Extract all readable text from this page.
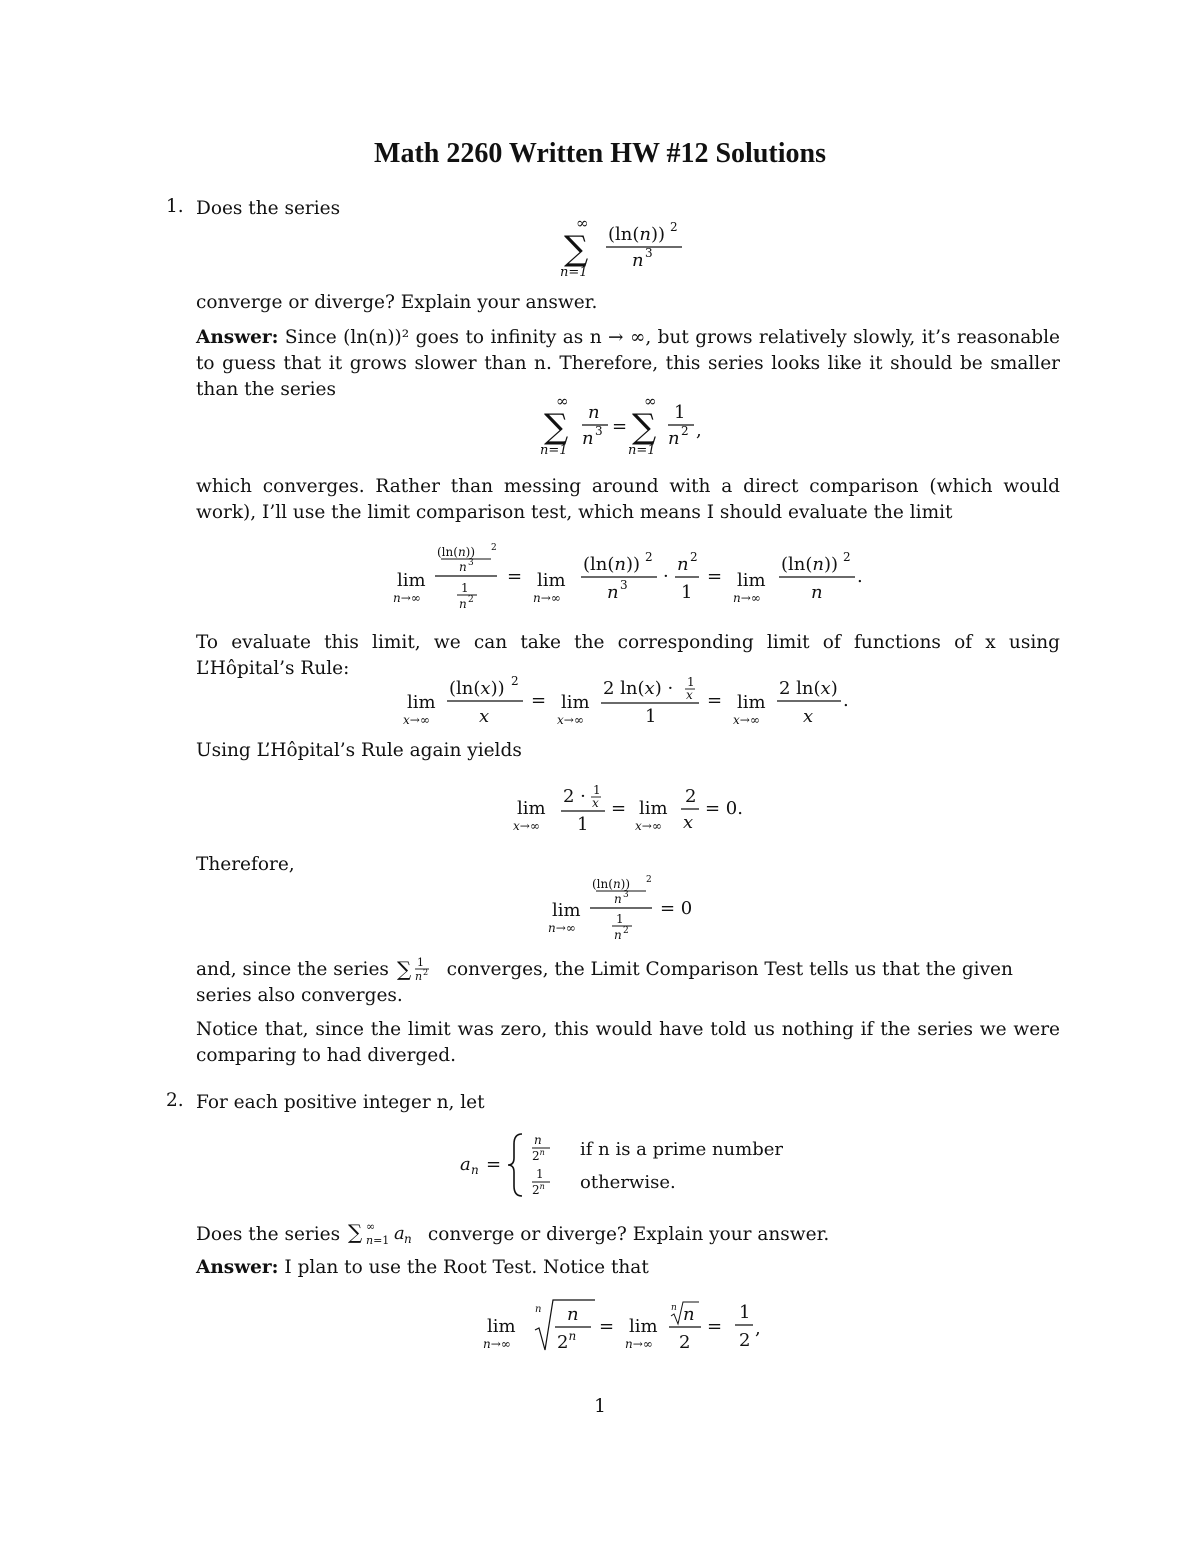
Math 2260 Written HW #12 Solutions
1. Does the series
∞
∑
n=1
(ln(n)) 2
n 3
converge or diverge? Explain your answer.
Answer: Since (ln(n))² goes to infinity as n → ∞, but grows relatively slowly, it’s reasonable to guess that it grows slower than n. Therefore, this series looks like it should be smaller than the series
∞
∑
n=1
n
n 3 =
∞
∑
n=1
1
n 2 ,
which converges. Rather than messing around with a direct comparison (which would work), I’ll use the limit comparison test, which means I should evaluate the limit
lim
n→∞
(ln(n)) 2
n 3
1
n 2
= lim
n→∞
(ln(n)) 2
n 3 ·
n 2
1
= lim
n→∞
(ln(n)) 2
n
.
To evaluate this limit, we can take the corresponding limit of functions of x using L’Hôpital’s Rule:
lim
x→∞
(ln(x)) 2
x
= lim
x→∞
2 ln(x) · 1
x
1
= lim
x→∞
2 ln(x)
x
.
Using L’Hôpital’s Rule again yields
lim
x→∞
2 · 1
x
1
= lim
x→∞
2
x
= 0.
Therefore,
lim
n→∞
(ln(n)) 2
n 3
1
n 2
= 0
and, since the series ∑ 1
n 2 converges, the Limit Comparison Test tells us that the given series also converges.
Notice that, since the limit was zero, this would have told us nothing if the series we were comparing to had diverged.
2. For each positive integer n, let
a n =
n
2$^n$ if n is a prime number
1
2$^n$ otherwise.
Does the series ∑ ∞
n=1 a n converge or diverge? Explain your answer.
Answer: I plan to use the Root Test. Notice that
lim
n→∞
n n
$2^n = \lim$
n→∞
n n
2
=
1
2
,
1
